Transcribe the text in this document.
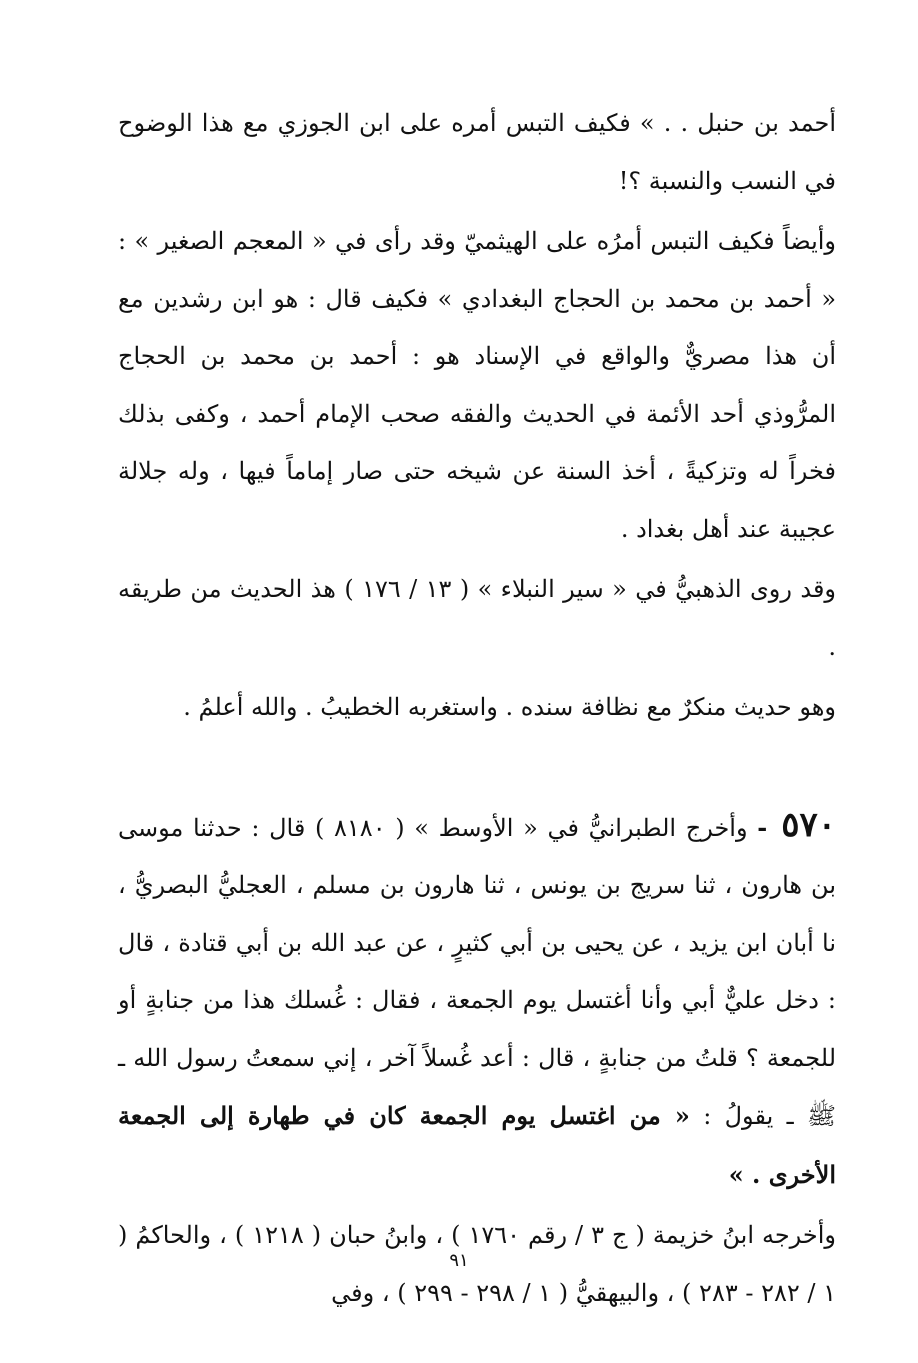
أحمد بن حنبل . . » فكيف التبس أمره على ابن الجوزي مع هذا الوضوح في النسب والنسبة ؟!

وأيضاً فكيف التبس أمرُه على الهيثميّ وقد رأى في « المعجم الصغير » : « أحمد بن محمد بن الحجاج البغدادي » فكيف قال : هو ابن رشدين مع أن هذا مصريٌّ والواقع في الإسناد هو : أحمد بن محمد بن الحجاج المرُّوذي أحد الأئمة في الحديث والفقه صحب الإمام أحمد ، وكفى بذلك فخراً له وتزكيةً ، أخذ السنة عن شيخه حتى صار إماماً فيها ، وله جلالة عجيبة عند أهل بغداد .

وقد روى الذهبيُّ في « سير النبلاء » ( ١٣ / ١٧٦ ) هذ الحديث من طريقه .

وهو حديث منكرٌ مع نظافة سنده . واستغربه الخطيبُ . والله أعلمُ .

٥٧٠- وأخرج الطبرانيُّ في « الأوسط » ( ٨١٨٠ ) قال : حدثنا موسى بن هارون ، ثنا سريج بن يونس ، ثنا هارون بن مسلم ، العجليُّ البصريُّ ، نا أبان ابن يزيد ، عن يحيى بن أبي كثيرٍ ، عن عبد الله بن أبي قتادة ، قال : دخل عليٌّ أبي وأنا أغتسل يوم الجمعة ، فقال : غُسلك هذا من جنابةٍ أو للجمعة ؟ قلتُ من جنابةٍ ، قال : أعد غُسلاً آخر ، إني سمعتُ رسول الله ـ ﷺ ـ يقولُ : « من اغتسل يوم الجمعة كان في طهارة إلى الجمعة الأخرى . »

وأخرجه ابنُ خزيمة ( ج ٣ / رقم ١٧٦٠ ) ، وابنُ حبان ( ١٢١٨ ) ، والحاكمُ ( ١ / ٢٨٢ - ٢٨٣ ) ، والبيهقيُّ ( ١ / ٢٩٨ - ٢٩٩ ) ، وفي

٩١
